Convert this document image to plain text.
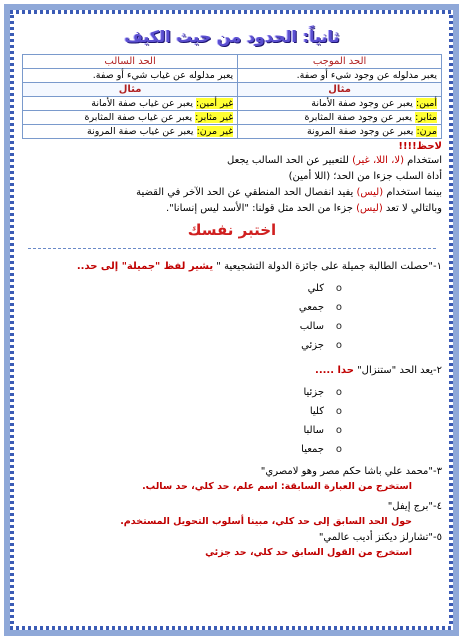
ثانياً: الحدود من حيث الكيف
الحد الموجب	الحد السالب
يعبر مدلوله عن وجود شيء أو صفة.	يعبر مدلوله عن غياب شيء أو صفة.
مثال	مثال
أمين: يعبر عن وجود صفة الأمانة	غير أمين: يعبر عن غياب صفة الأمانة
مثابر: يعبر عن وجود صفة المثابرة	غير مثابر: يعبر عن غياب صفة المثابرة
مرن: يعبر عن وجود صفة المرونة	غير مرن: يعبر عن غياب صفة المرونة
لاحظ!!!!
استخدام (لا، اللا، غير) للتعبير عن الحد السالب يجعل
أداة السلب جزءا من الحد؛ (اللا أمين)
بينما استخدام (ليس) يفيد انفصال الحد المنطقي عن الحد الآخر في القضية
وبالتالي لا تعد (ليس) جزءا من الحد مثل قولنا: "الأسد ليس إنسانا".
اختبر نفسك
١-"حصلت الطالبة جميلة على جائزة الدولة التشجيعية " يشير لفظ "جميلة" إلى حد..
oكلي
oجمعي
oسالب
oجزئي
٢-يعد الحد "ستنزال" حدا .....
oجزئيا
oكليا
oسالبا
oجمعيا
٣-"محمد علي باشا حكم مصر وهو لامصري"
استخرج من العبارة السابقة: اسم علم، حد كلي، حد سالب.
٤-"برج إيفل"
حول الحد السابق إلى حد كلي، مبينا أسلوب التحويل المستخدم.
٥-"تشارلز ديكنز أديب عالمي"
استخرج من القول السابق حد كلي، حد جزئي
